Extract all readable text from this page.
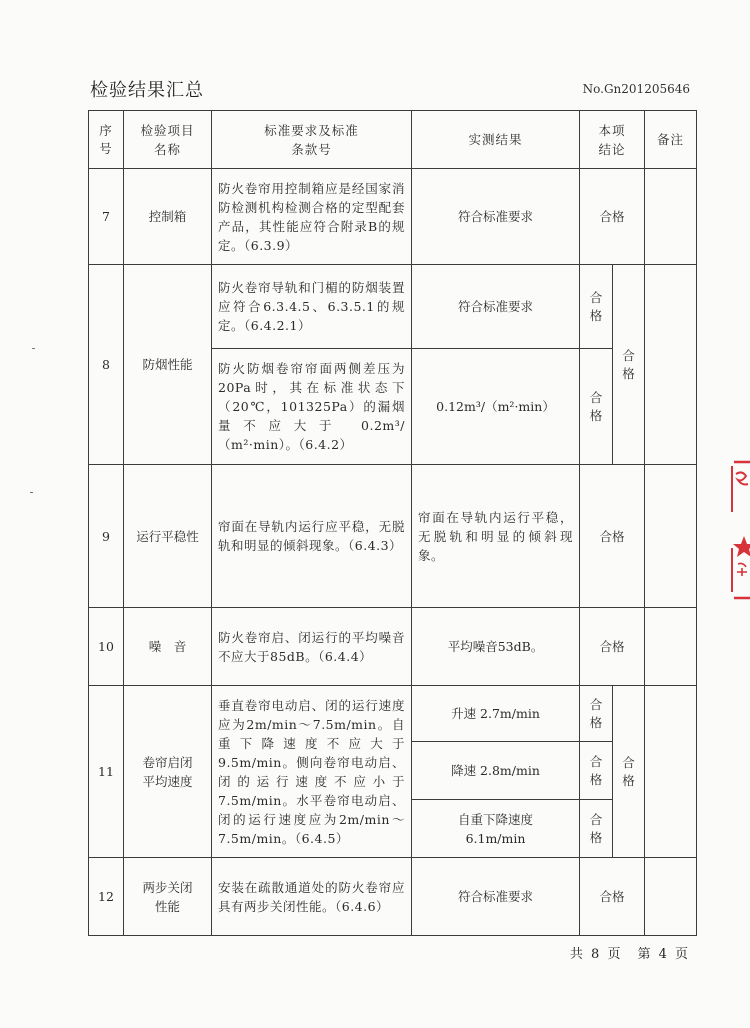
检验结果汇总	No.Gn201205646
序号	检验项目名称	标准要求及标准条款号	实测结果	本项结论		备注
7	控制箱	防火卷帘用控制箱应是经国家消防检测机构检测合格的定型配套产品，其性能应符合附录B的规定。（6.3.9）	符合标准要求	合格		
8	防烟性能	防火卷帘导轨和门楣的防烟装置应符合6.3.4.5、6.3.5.1的规定。（6.4.2.1）	符合标准要求	合格	合格	
		防火防烟卷帘帘面两侧差压为20Pa时，其在标准状态下（20℃，101325Pa）的漏烟量不应大于 0.2m³/（m²·min）。（6.4.2）	0.12m³/（m²·min）	合格		
9	运行平稳性	帘面在导轨内运行应平稳，无脱轨和明显的倾斜现象。（6.4.3）	帘面在导轨内运行平稳，无脱轨和明显的倾斜现象。	合格		
10	噪　音	防火卷帘启、闭运行的平均噪音不应大于85dB。（6.4.4）	平均噪音53dB。	合格		
11	卷帘启闭平均速度	垂直卷帘电动启、闭的运行速度应为2m/min～7.5m/min。自重下降速度不应大于9.5m/min。侧向卷帘电动启、闭的运行速度不应小于7.5m/min。水平卷帘电动启、闭的运行速度应为2m/min～7.5m/min。（6.4.5）	升速 2.7m/min	合格	合格	
			降速 2.8m/min	合格		
			自重下降速度 6.1m/min	合格		
12	两步关闭性能	安装在疏散通道处的防火卷帘应具有两步关闭性能。（6.4.6）	符合标准要求	合格		
共 8 页　第 4 页
